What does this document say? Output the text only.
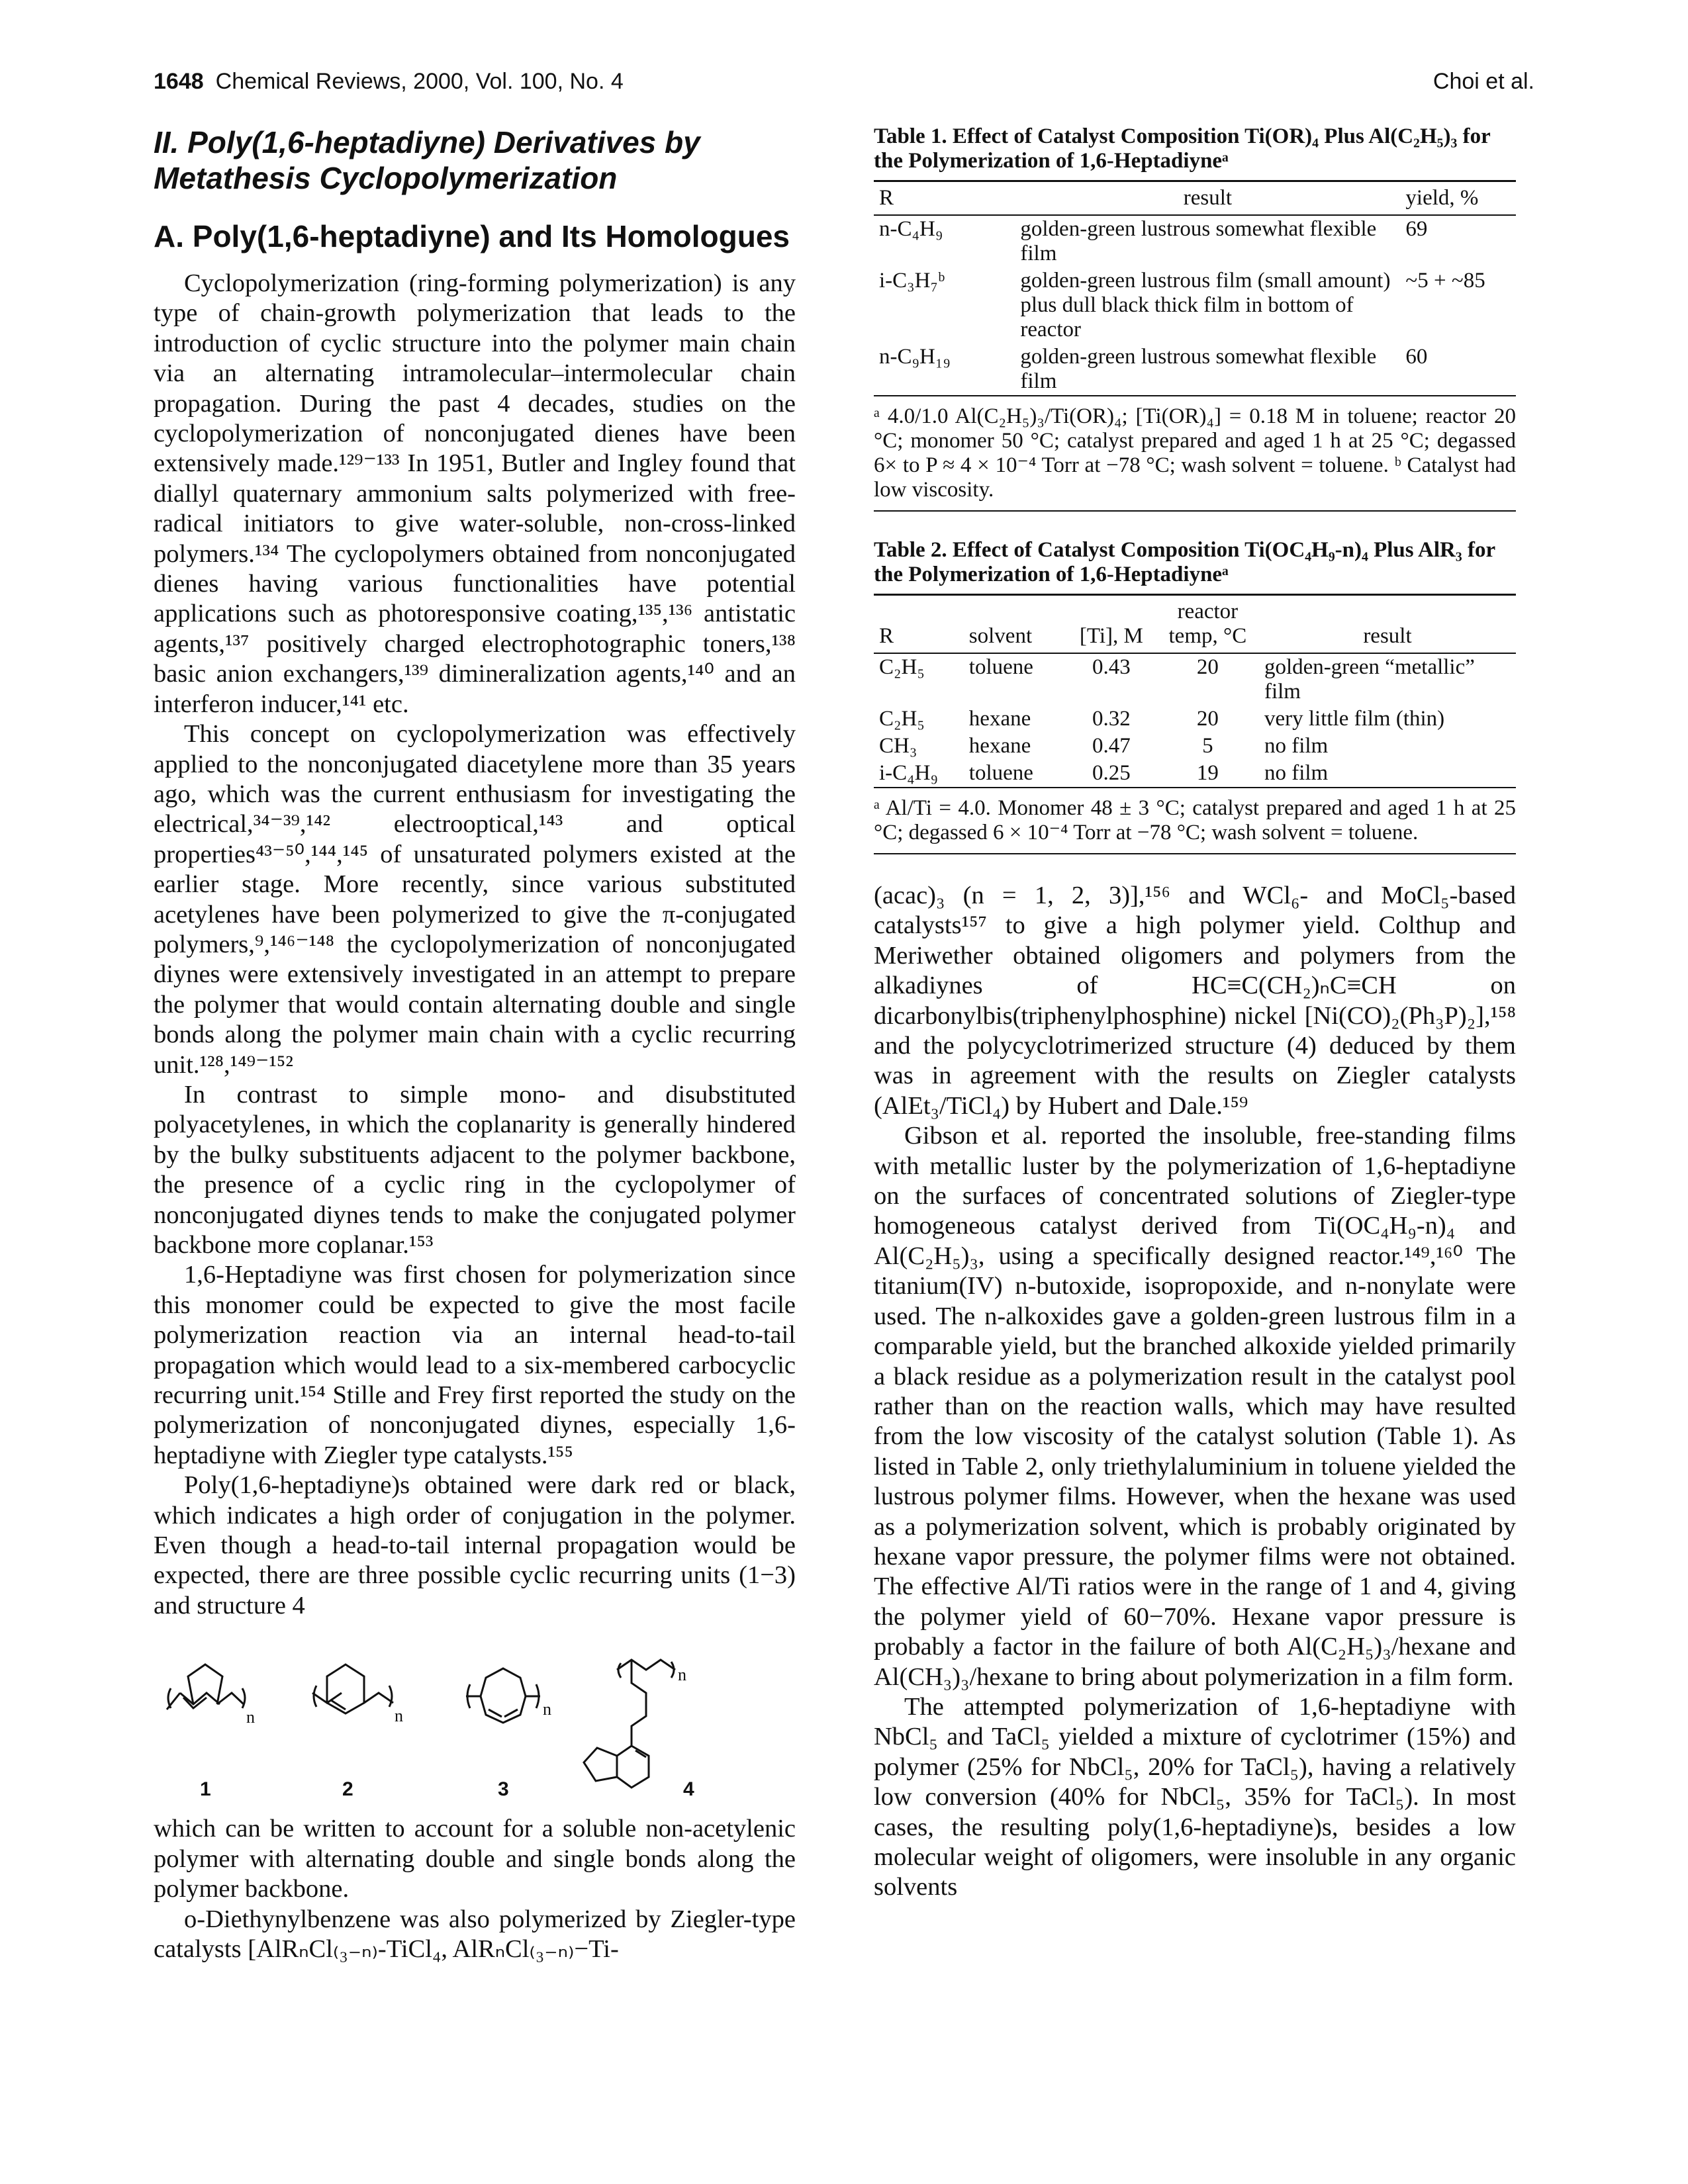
1648 Chemical Reviews, 2000, Vol. 100, No. 4	Choi et al.
II. Poly(1,6-heptadiyne) Derivatives by Metathesis Cyclopolymerization
A. Poly(1,6-heptadiyne) and Its Homologues

Cyclopolymerization (ring-forming polymerization) is any type of chain-growth polymerization that leads to the introduction of cyclic structure into the polymer main chain via an alternating intramolecular–intermolecular chain propagation. During the past 4 decades, studies on the cyclopolymerization of nonconjugated dienes have been extensively made.¹²⁹⁻¹³³ In 1951, Butler and Ingley found that diallyl quaternary ammonium salts polymerized with free-radical initiators to give water-soluble, non-cross-linked polymers.¹³⁴ The cyclopolymers obtained from nonconjugated dienes having various functionalities have potential applications such as photoresponsive coating,¹³⁵,¹³⁶ antistatic agents,¹³⁷ positively charged electrophotographic toners,¹³⁸ basic anion exchangers,¹³⁹ dimineralization agents,¹⁴⁰ and an interferon inducer,¹⁴¹ etc.

This concept on cyclopolymerization was effectively applied to the nonconjugated diacetylene more than 35 years ago, which was the current enthusiasm for investigating the electrical,³⁴⁻³⁹,¹⁴² electrooptical,¹⁴³ and optical properties⁴³⁻⁵⁰,¹⁴⁴,¹⁴⁵ of unsaturated polymers existed at the earlier stage. More recently, since various substituted acetylenes have been polymerized to give the π-conjugated polymers,⁹,¹⁴⁶⁻¹⁴⁸ the cyclopolymerization of nonconjugated diynes were extensively investigated in an attempt to prepare the polymer that would contain alternating double and single bonds along the polymer main chain with a cyclic recurring unit.¹²⁸,¹⁴⁹⁻¹⁵²

In contrast to simple mono- and disubstituted polyacetylenes, in which the coplanarity is generally hindered by the bulky substituents adjacent to the polymer backbone, the presence of a cyclic ring in the cyclopolymer of nonconjugated diynes tends to make the conjugated polymer backbone more coplanar.¹⁵³

1,6-Heptadiyne was first chosen for polymerization since this monomer could be expected to give the most facile polymerization reaction via an internal head-to-tail propagation which would lead to a six-membered carbocyclic recurring unit.¹⁵⁴ Stille and Frey first reported the study on the polymerization of nonconjugated diynes, especially 1,6-heptadiyne with Ziegler type catalysts.¹⁵⁵

Poly(1,6-heptadiyne)s obtained were dark red or black, which indicates a high order of conjugation in the polymer. Even though a head-to-tail internal propagation would be expected, there are three possible cyclic recurring units (1−3) and structure 4

n	n	n
n
1	2	3	4

which can be written to account for a soluble non-acetylenic polymer with alternating double and single bonds along the polymer backbone.

o-Diethynylbenzene was also polymerized by Ziegler-type catalysts [AlRₙCl₍₃₋ₙ₎-TiCl₄, AlRₙCl₍₃₋ₙ₎−Ti-

Table 1. Effect of Catalyst Composition Ti(OR)₄ Plus Al(C₂H₅)₃ for the Polymerization of 1,6-Heptadiyneᵃ
R	result	yield, %
n-C₄H₉	golden-green lustrous somewhat flexible film	69
i-C₃H₇ᵇ	golden-green lustrous film (small amount) plus dull black thick film in bottom of reactor	~5 + ~85
n-C₉H₁₉	golden-green lustrous somewhat flexible film	60
ᵃ 4.0/1.0 Al(C₂H₅)₃/Ti(OR)₄; [Ti(OR)₄] = 0.18 M in toluene; reactor 20 °C; monomer 50 °C; catalyst prepared and aged 1 h at 25 °C; degassed 6× to P ≈ 4 × 10⁻⁴ Torr at −78 °C; wash solvent = toluene. ᵇ Catalyst had low viscosity.
Table 2. Effect of Catalyst Composition Ti(OC₄H₉-n)₄ Plus AlR₃ for the Polymerization of 1,6-Heptadiyneᵃ
R	solvent	[Ti], M	reactor temp, °C	result
C₂H₅	toluene	0.43	20	golden-green “metallic” film
C₂H₅	hexane	0.32	20	very little film (thin)
CH₃	hexane	0.47	5	no film
i-C₄H₉	toluene	0.25	19	no film
ᵃ Al/Ti = 4.0. Monomer 48 ± 3 °C; catalyst prepared and aged 1 h at 25 °C; degassed 6 × 10⁻⁴ Torr at −78 °C; wash solvent = toluene.

(acac)₃ (n = 1, 2, 3)],¹⁵⁶ and WCl₆- and MoCl₅-based catalysts¹⁵⁷ to give a high polymer yield. Colthup and Meriwether obtained oligomers and polymers from the alkadiynes of HC≡C(CH₂)ₙC≡CH on dicarbonylbis(triphenylphosphine) nickel [Ni(CO)₂(Ph₃P)₂],¹⁵⁸ and the polycyclotrimerized structure (4) deduced by them was in agreement with the results on Ziegler catalysts (AlEt₃/TiCl₄) by Hubert and Dale.¹⁵⁹

Gibson et al. reported the insoluble, free-standing films with metallic luster by the polymerization of 1,6-heptadiyne on the surfaces of concentrated solutions of Ziegler-type homogeneous catalyst derived from Ti(OC₄H₉-n)₄ and Al(C₂H₅)₃, using a specifically designed reactor.¹⁴⁹,¹⁶⁰ The titanium(IV) n-butoxide, isopropoxide, and n-nonylate were used. The n-alkoxides gave a golden-green lustrous film in a comparable yield, but the branched alkoxide yielded primarily a black residue as a polymerization result in the catalyst pool rather than on the reaction walls, which may have resulted from the low viscosity of the catalyst solution (Table 1). As listed in Table 2, only triethylaluminium in toluene yielded the lustrous polymer films. However, when the hexane was used as a polymerization solvent, which is probably originated by hexane vapor pressure, the polymer films were not obtained. The effective Al/Ti ratios were in the range of 1 and 4, giving the polymer yield of 60−70%. Hexane vapor pressure is probably a factor in the failure of both Al(C₂H₅)₃/hexane and Al(CH₃)₃/hexane to bring about polymerization in a film form.

The attempted polymerization of 1,6-heptadiyne with NbCl₅ and TaCl₅ yielded a mixture of cyclotrimer (15%) and polymer (25% for NbCl₅, 20% for TaCl₅), having a relatively low conversion (40% for NbCl₅, 35% for TaCl₅). In most cases, the resulting poly(1,6-heptadiyne)s, besides a low molecular weight of oligomers, were insoluble in any organic solvents
